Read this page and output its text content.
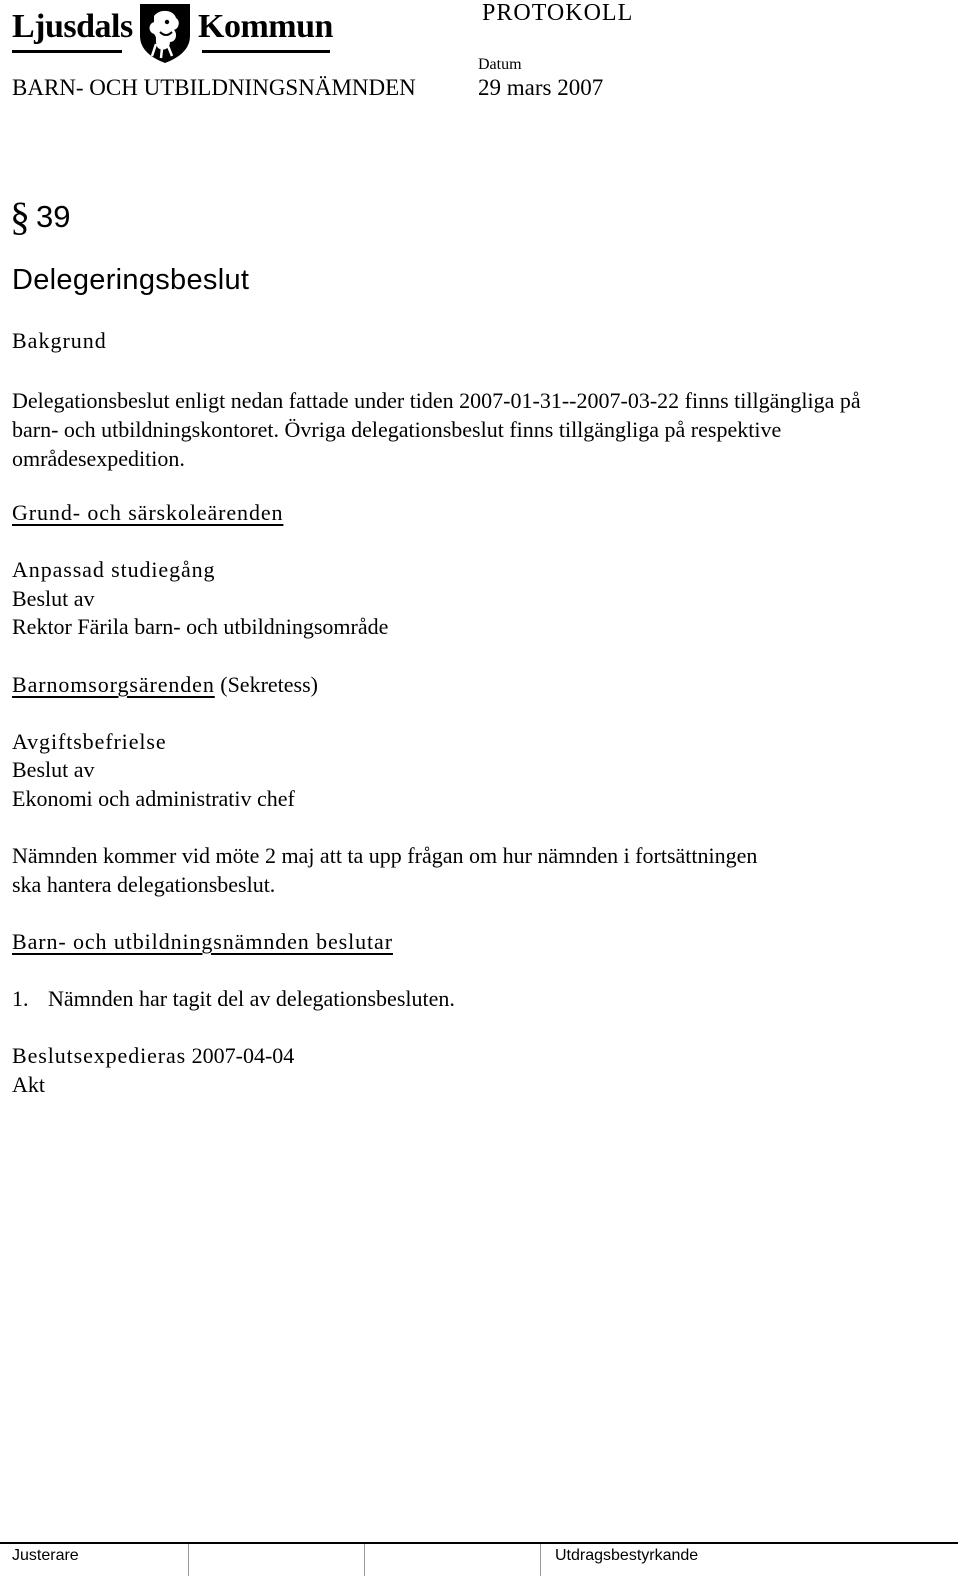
Ljusdals Kommun	PROTOKOLL
Datum
BARN- OCH UTBILDNINGSNÄMNDEN	29 mars 2007
§ 39
Delegeringsbeslut
Bakgrund
Delegationsbeslut enligt nedan fattade under tiden 2007-01-31--2007-03-22 finns tillgängliga på barn- och utbildningskontoret. Övriga delegationsbeslut finns tillgängliga på respektive områdesexpedition.
Grund- och särskoleärenden
Anpassad studiegång
Beslut av
Rektor Färila barn- och utbildningsområde
Barnomsorgsärenden (Sekretess)
Avgiftsbefrielse
Beslut av
Ekonomi och administrativ chef
Nämnden kommer vid möte 2 maj att ta upp frågan om hur nämnden i fortsättningen
ska hantera delegationsbeslut.
Barn- och utbildningsnämnden beslutar
1. Nämnden har tagit del av delegationsbesluten.
Beslutsexpedieras 2007-04-04
Akt
Justerare	Utdragsbestyrkande
